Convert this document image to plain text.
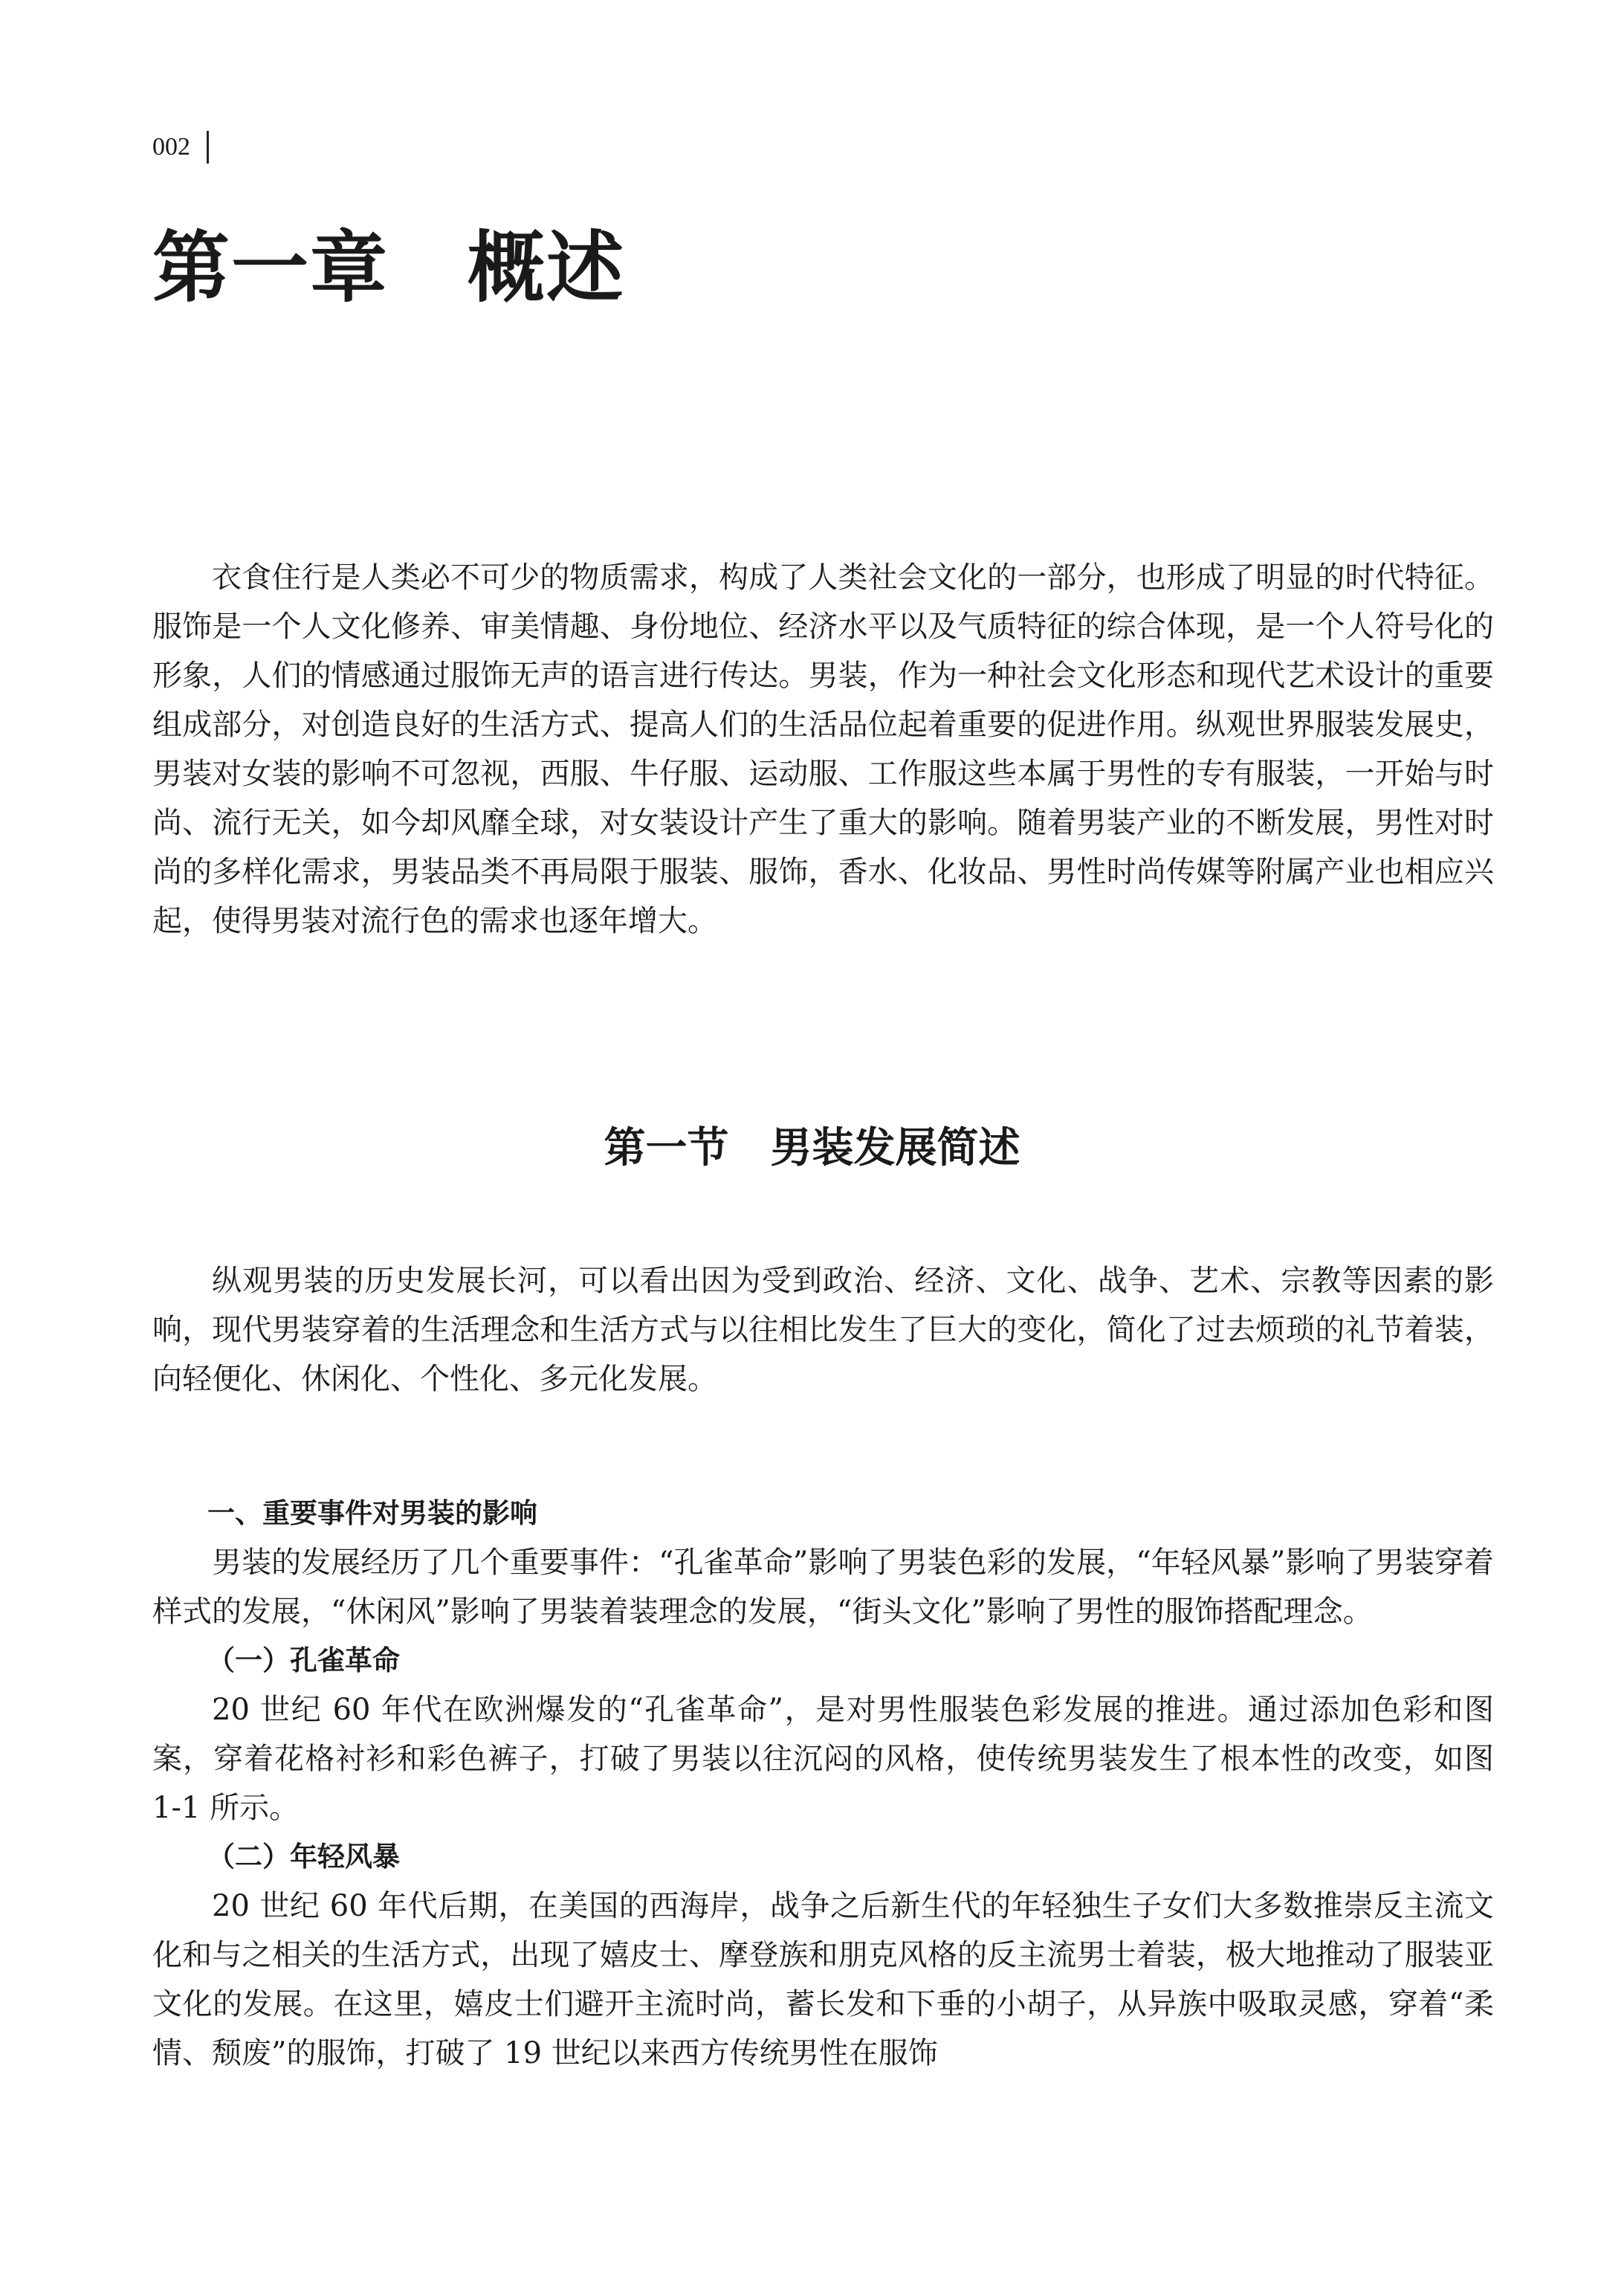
002
第一章　概述

衣食住行是人类必不可少的物质需求，构成了人类社会文化的一部分，也形成了明显的时代特征。服饰是一个人文化修养、审美情趣、身份地位、经济水平以及气质特征的综合体现，是一个人符号化的形象，人们的情感通过服饰无声的语言进行传达。男装，作为一种社会文化形态和现代艺术设计的重要组成部分，对创造良好的生活方式、提高人们的生活品位起着重要的促进作用。纵观世界服装发展史，男装对女装的影响不可忽视，西服、牛仔服、运动服、工作服这些本属于男性的专有服装，一开始与时尚、流行无关，如今却风靡全球，对女装设计产生了重大的影响。随着男装产业的不断发展，男性对时尚的多样化需求，男装品类不再局限于服装、服饰，香水、化妆品、男性时尚传媒等附属产业也相应兴起，使得男装对流行色的需求也逐年增大。

第一节　男装发展简述

纵观男装的历史发展长河，可以看出因为受到政治、经济、文化、战争、艺术、宗教等因素的影响，现代男装穿着的生活理念和生活方式与以往相比发生了巨大的变化，简化了过去烦琐的礼节着装，向轻便化、休闲化、个性化、多元化发展。

一、重要事件对男装的影响

男装的发展经历了几个重要事件：“孔雀革命”影响了男装色彩的发展，“年轻风暴”影响了男装穿着样式的发展，“休闲风”影响了男装着装理念的发展，“街头文化”影响了男性的服饰搭配理念。

（一）孔雀革命

20 世纪 60 年代在欧洲爆发的“孔雀革命”，是对男性服装色彩发展的推进。通过添加色彩和图案，穿着花格衬衫和彩色裤子，打破了男装以往沉闷的风格，使传统男装发生了根本性的改变，如图 1-1 所示。

（二）年轻风暴

20 世纪 60 年代后期，在美国的西海岸，战争之后新生代的年轻独生子女们大多数推崇反主流文化和与之相关的生活方式，出现了嬉皮士、摩登族和朋克风格的反主流男士着装，极大地推动了服装亚文化的发展。在这里，嬉皮士们避开主流时尚，蓄长发和下垂的小胡子，从异族中吸取灵感，穿着“柔情、颓废”的服饰，打破了 19 世纪以来西方传统男性在服饰
